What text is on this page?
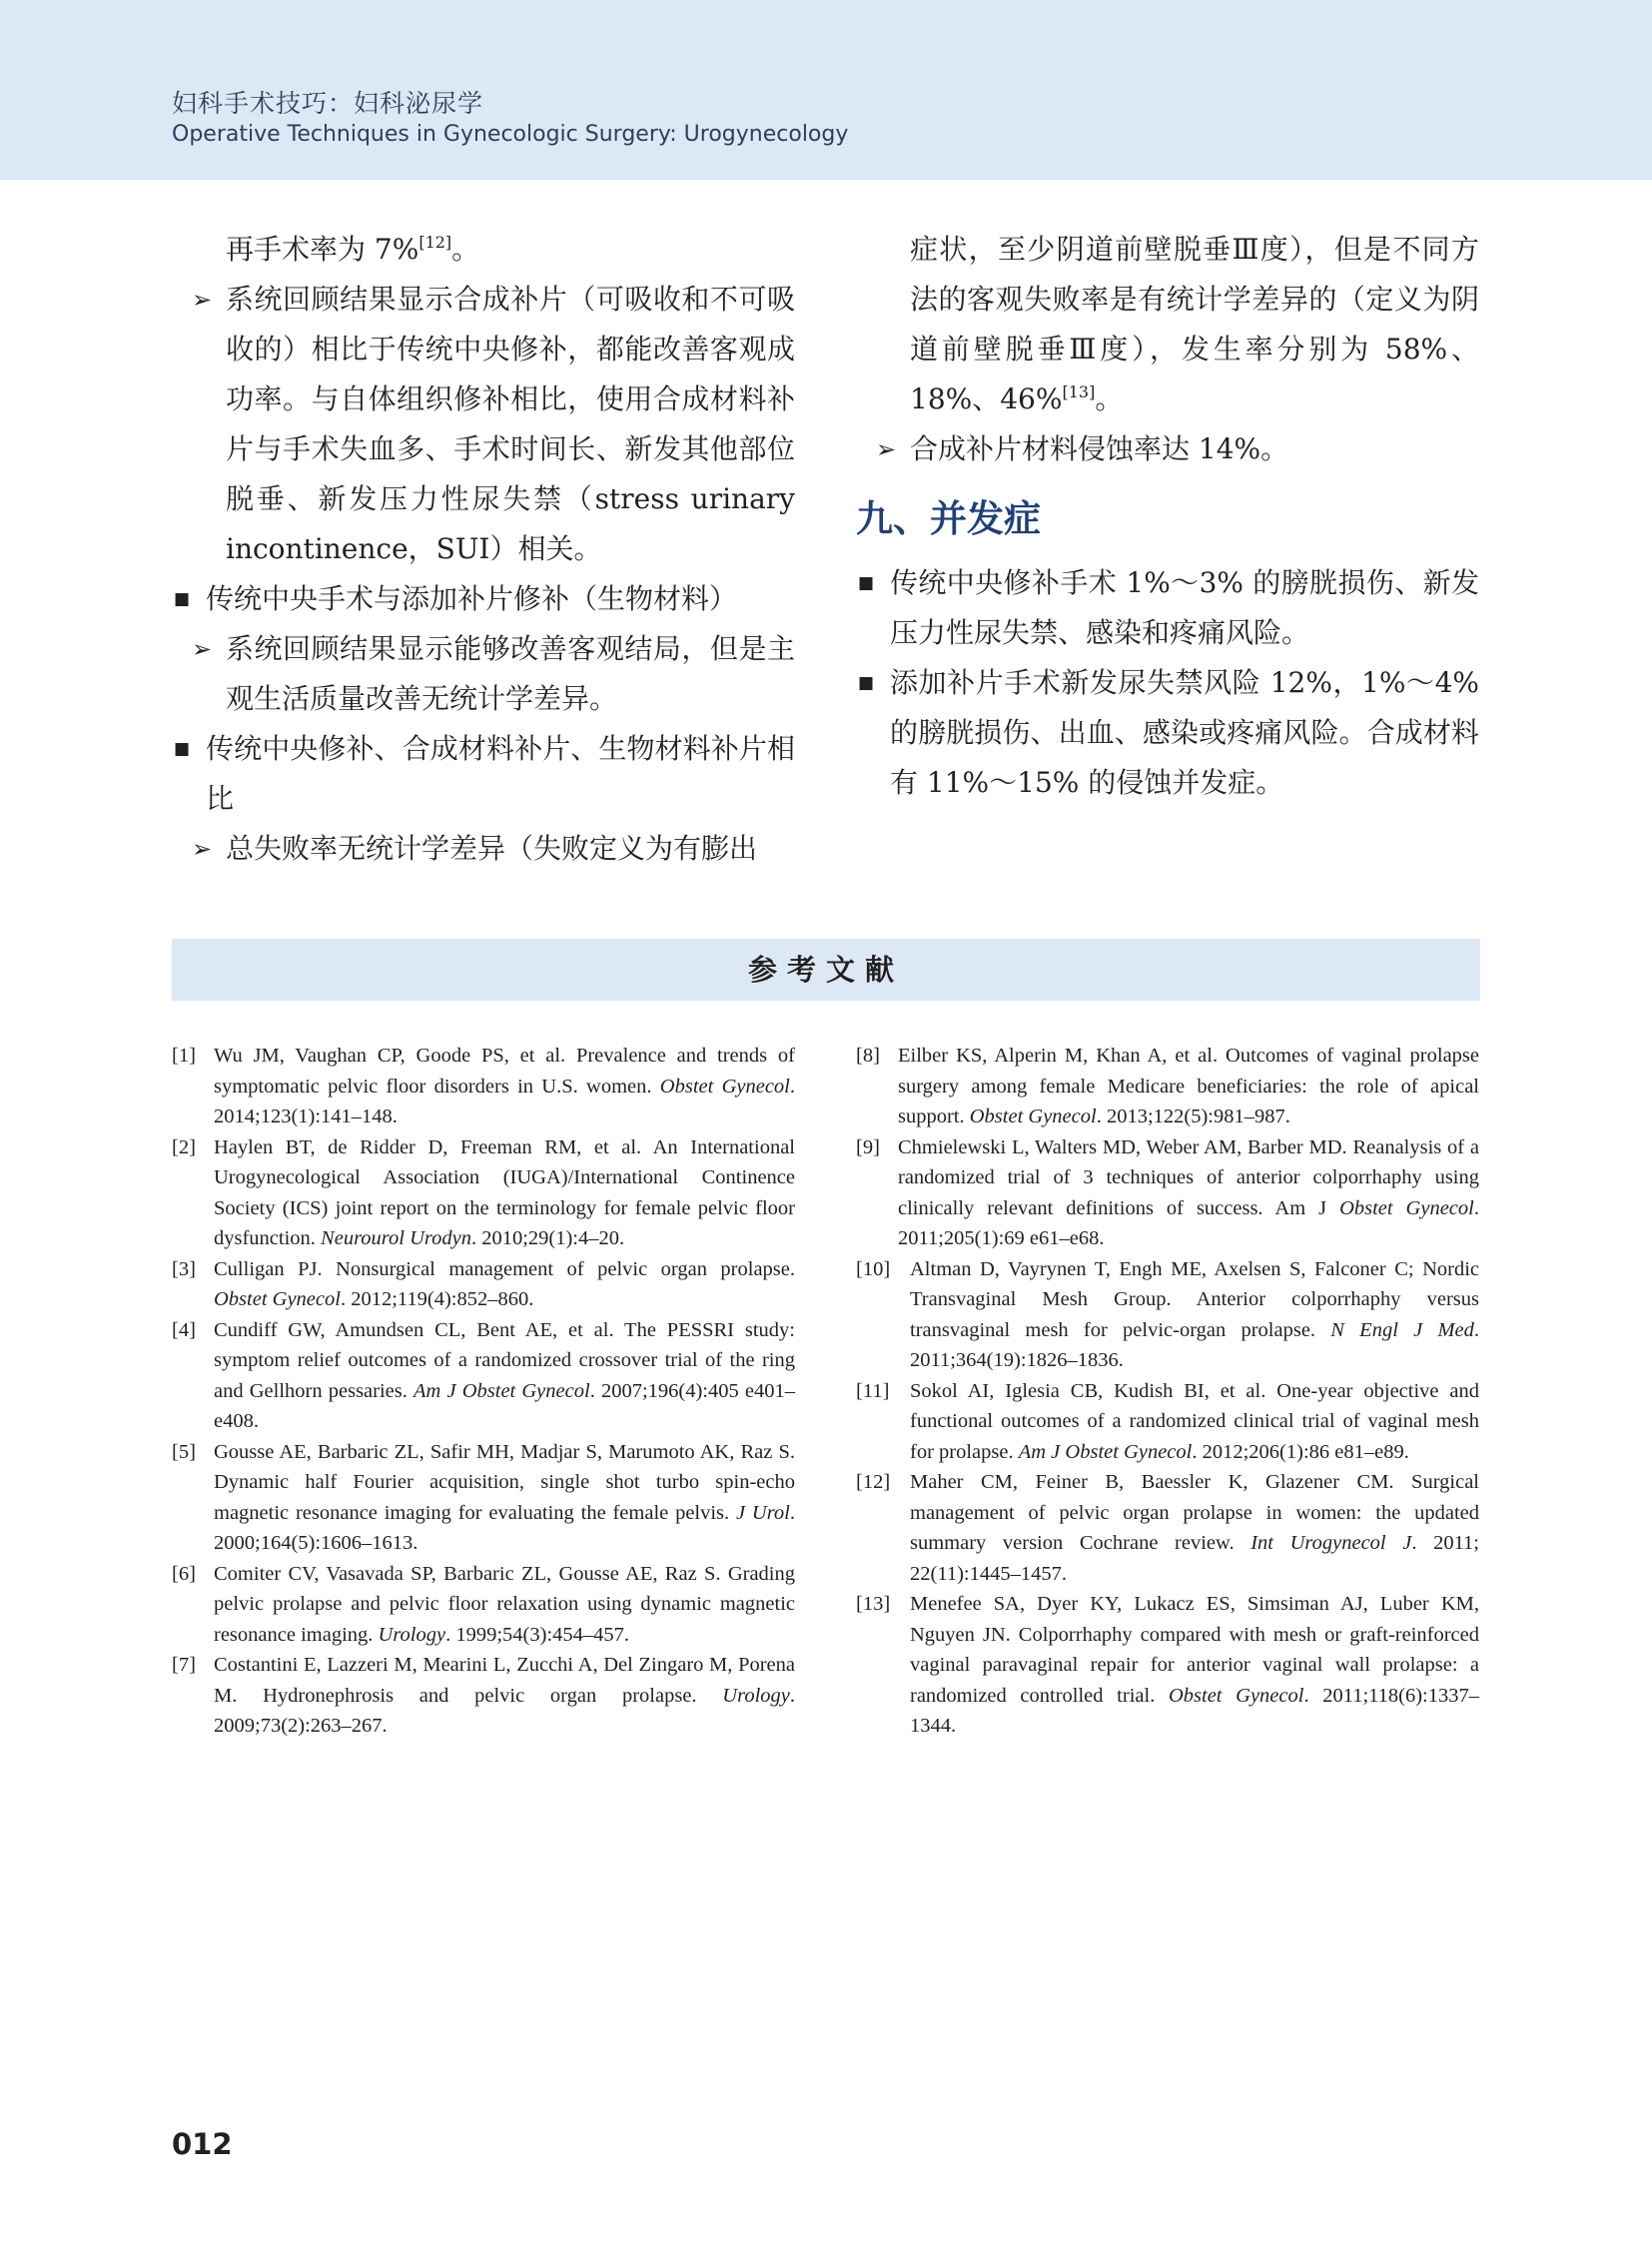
妇科手术技巧：妇科泌尿学
Operative Techniques in Gynecologic Surgery: Urogynecology
再手术率为 7%[12]。
➢ 系统回顾结果显示合成补片（可吸收和不可吸收的）相比于传统中央修补，都能改善客观成功率。与自体组织修补相比，使用合成材料补片与手术失血多、手术时间长、新发其他部位脱垂、新发压力性尿失禁（stress urinary incontinence，SUI）相关。
■ 传统中央手术与添加补片修补（生物材料）
➢ 系统回顾结果显示能够改善客观结局，但是主观生活质量改善无统计学差异。
■ 传统中央修补、合成材料补片、生物材料补片相比
➢ 总失败率无统计学差异（失败定义为有膨出
症状，至少阴道前壁脱垂Ⅲ度），但是不同方法的客观失败率是有统计学差异的（定义为阴道前壁脱垂Ⅲ度），发生率分别为 58%、18%、46%[13]。
➢ 合成补片材料侵蚀率达 14%。
九、并发症
■ 传统中央修补手术 1%～3% 的膀胱损伤、新发压力性尿失禁、感染和疼痛风险。
■ 添加补片手术新发尿失禁风险 12%，1%～4% 的膀胱损伤、出血、感染或疼痛风险。合成材料有 11%～15% 的侵蚀并发症。
参考文献
[1] Wu JM, Vaughan CP, Goode PS, et al. Prevalence and trends of symptomatic pelvic floor disorders in U.S. women. Obstet Gynecol. 2014;123(1):141–148.
[2] Haylen BT, de Ridder D, Freeman RM, et al. An International Urogynecological Association (IUGA)/International Continence Society (ICS) joint report on the terminology for female pelvic floor dysfunction. Neurourol Urodyn. 2010;29(1):4–20.
[3] Culligan PJ. Nonsurgical management of pelvic organ prolapse. Obstet Gynecol. 2012;119(4):852–860.
[4] Cundiff GW, Amundsen CL, Bent AE, et al. The PESSRI study: symptom relief outcomes of a randomized crossover trial of the ring and Gellhorn pessaries. Am J Obstet Gynecol. 2007;196(4):405 e401–e408.
[5] Gousse AE, Barbaric ZL, Safir MH, Madjar S, Marumoto AK, Raz S. Dynamic half Fourier acquisition, single shot turbo spin-echo magnetic resonance imaging for evaluating the female pelvis. J Urol. 2000;164(5):1606–1613.
[6] Comiter CV, Vasavada SP, Barbaric ZL, Gousse AE, Raz S. Grading pelvic prolapse and pelvic floor relaxation using dynamic magnetic resonance imaging. Urology. 1999;54(3):454–457.
[7] Costantini E, Lazzeri M, Mearini L, Zucchi A, Del Zingaro M, Porena M. Hydronephrosis and pelvic organ prolapse. Urology. 2009;73(2):263–267.
[8] Eilber KS, Alperin M, Khan A, et al. Outcomes of vaginal prolapse surgery among female Medicare beneficiaries: the role of apical support. Obstet Gynecol. 2013;122(5):981–987.
[9] Chmielewski L, Walters MD, Weber AM, Barber MD. Reanalysis of a randomized trial of 3 techniques of anterior colporrhaphy using clinically relevant definitions of success. Am J Obstet Gynecol. 2011;205(1):69 e61–e68.
[10] Altman D, Vayrynen T, Engh ME, Axelsen S, Falconer C; Nordic Transvaginal Mesh Group. Anterior colporrhaphy versus transvaginal mesh for pelvic-organ prolapse. N Engl J Med. 2011;364(19):1826–1836.
[11]	Sokol AI, Iglesia CB, Kudish BI, et al. One-year objective and functional outcomes of a randomized clinical trial of vaginal mesh for prolapse. Am J Obstet Gynecol. 2012;206(1):86 e81–e89.
[12] Maher CM, Feiner B, Baessler K, Glazener CM. Surgical management of pelvic organ prolapse in women: the updated summary version Cochrane review. Int Urogynecol J. 2011; 22(11):1445–1457.
[13] Menefee SA, Dyer KY, Lukacz ES, Simsiman AJ, Luber KM, Nguyen JN. Colporrhaphy compared with mesh or graft-reinforced vaginal paravaginal repair for anterior vaginal wall prolapse: a randomized controlled trial. Obstet Gynecol. 2011;118(6):1337–1344.
012
